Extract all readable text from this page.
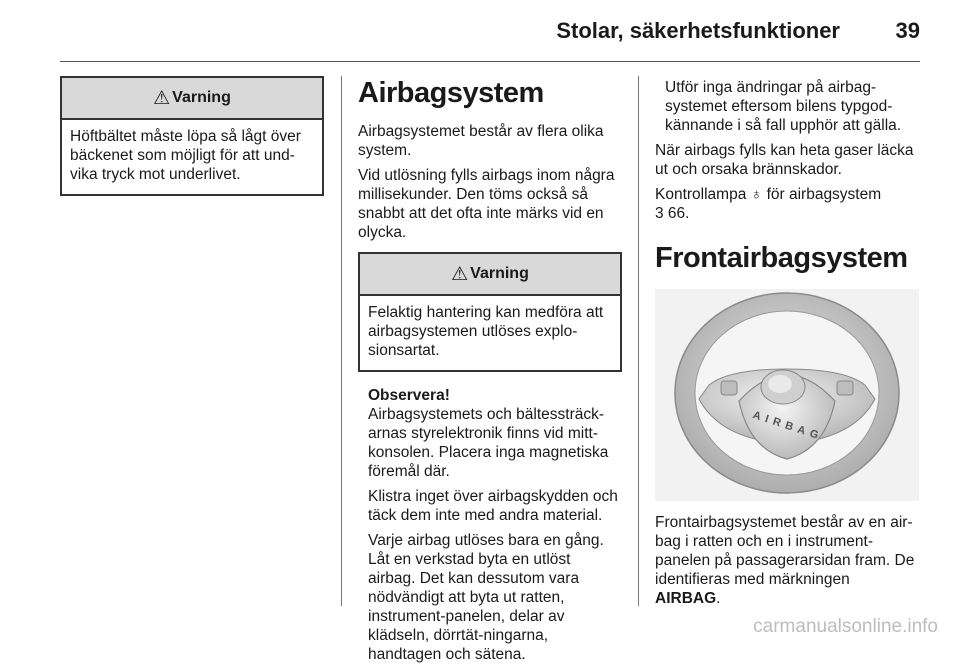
Stolar, säkerhetsfunktioner	39
⚠ Varning
Höftbältet måste löpa så lågt över bäckenet som möjligt för att und-vika tryck mot underlivet.
Airbagsystem

Airbagsystemet består av flera olika system.

Vid utlösning fylls airbags inom några millisekunder. Den töms också så snabbt att det ofta inte märks vid en olycka.

⚠ Varning
Felaktig hantering kan medföra att airbagsystemen utlöses explo-sionsartat.

Observera!

Airbagsystemets och bältessträck-arnas styrelektronik finns vid mitt-konsolen. Placera inga magnetiska föremål där.

Klistra inget över airbagskydden och täck dem inte med andra material.

Varje airbag utlöses bara en gång. Låt en verkstad byta en utlöst airbag. Det kan dessutom vara nödvändigt att byta ut ratten, instrument-panelen, delar av klädseln, dörrtät-ningarna, handtagen och sätena.

Utför inga ändringar på airbag-systemet eftersom bilens typgod-kännande i så fall upphör att gälla.

När airbags fylls kan heta gaser läcka ut och orsaka brännskador.

Kontrollampa ♁ för airbagsystem
3 66.

Frontairbagsystem
AIRBAG

Frontairbagsystemet består av en air-bag i ratten och en i instrument-panelen på passagerarsidan fram. De identifieras med märkningen
AIRBAG.

carmanualsonline.info
